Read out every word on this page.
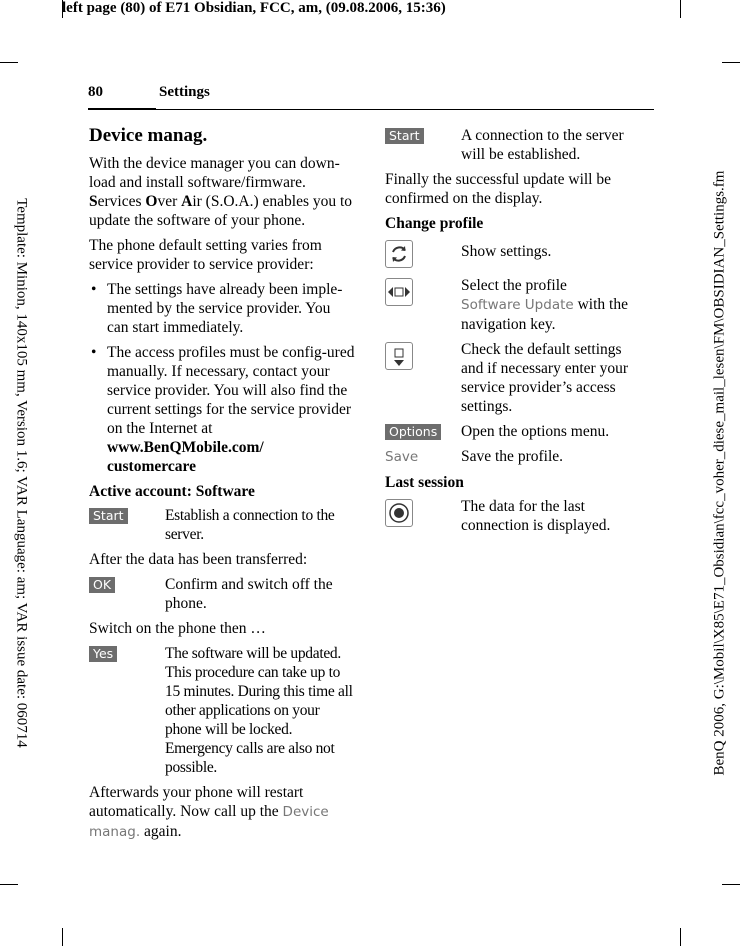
left page (80) of E71 Obsidian, FCC, am, (09.08.2006, 15:36)
Template: Minion, 140x105 mm, Version 1.6; VAR Language: am; VAR issue date: 060714	BenQ 2006, G:\Mobil\X85\E71_Obsidian\fcc_voher_diese_mail_lesen\FM\OBSIDIAN_Settings.fm
80	Settings
Device manag.

With the device manager you can down-load and install software/firmware.

Services Over Air (S.O.A.) enables you to update the software of your phone.

The phone default setting varies from service provider to service provider:

• The settings have already been imple-mented by the service provider. You can start immediately.
• The access profiles must be config-ured manually. If necessary, contact your service provider. You will also find the current settings for the service provider on the Internet at www.BenQMobile.com/ customercare
Active account: Software
Start	Establish a connection to the server.

After the data has been transferred:

OK	Confirm and switch off the phone.

Switch on the phone then …

Yes	The software will be updated. This procedure can take up to 15 minutes. During this time all other applications on your phone will be locked. Emergency calls are also not possible.

Afterwards your phone will restart automatically. Now call up the Device manag. again.

Start	A connection to the server will be established.

Finally the successful update will be confirmed on the display.

Change profile
Show settings.
Select the profile
Software Update with the navigation key.
Check the default settings and if necessary enter your service provider’s access settings.
Options	Open the options menu.
Save	Save the profile.
Last session
The data for the last connection is displayed.
